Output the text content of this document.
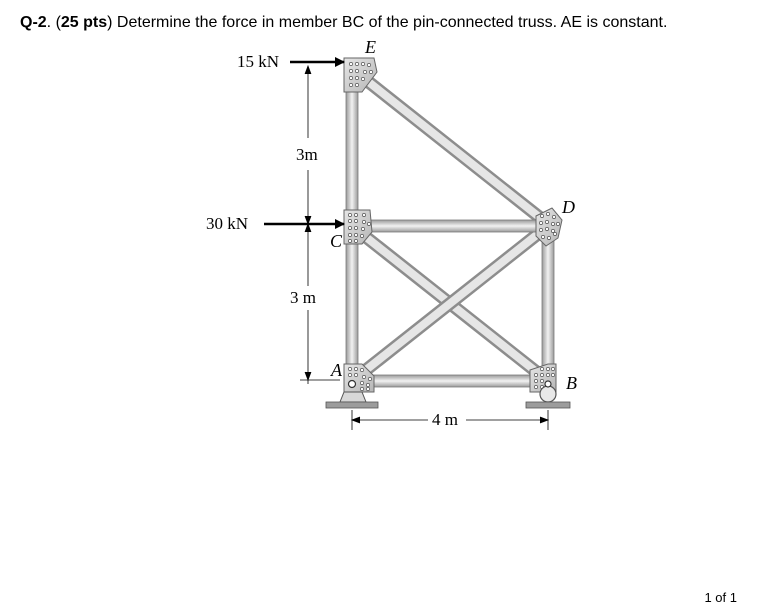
Q-2. (25 pts) Determine the force in member BC of the pin-connected truss. AE is constant.
15 kN
30 kN
3m
3 m
4 m
E
D
C
A
B
1 of 1
